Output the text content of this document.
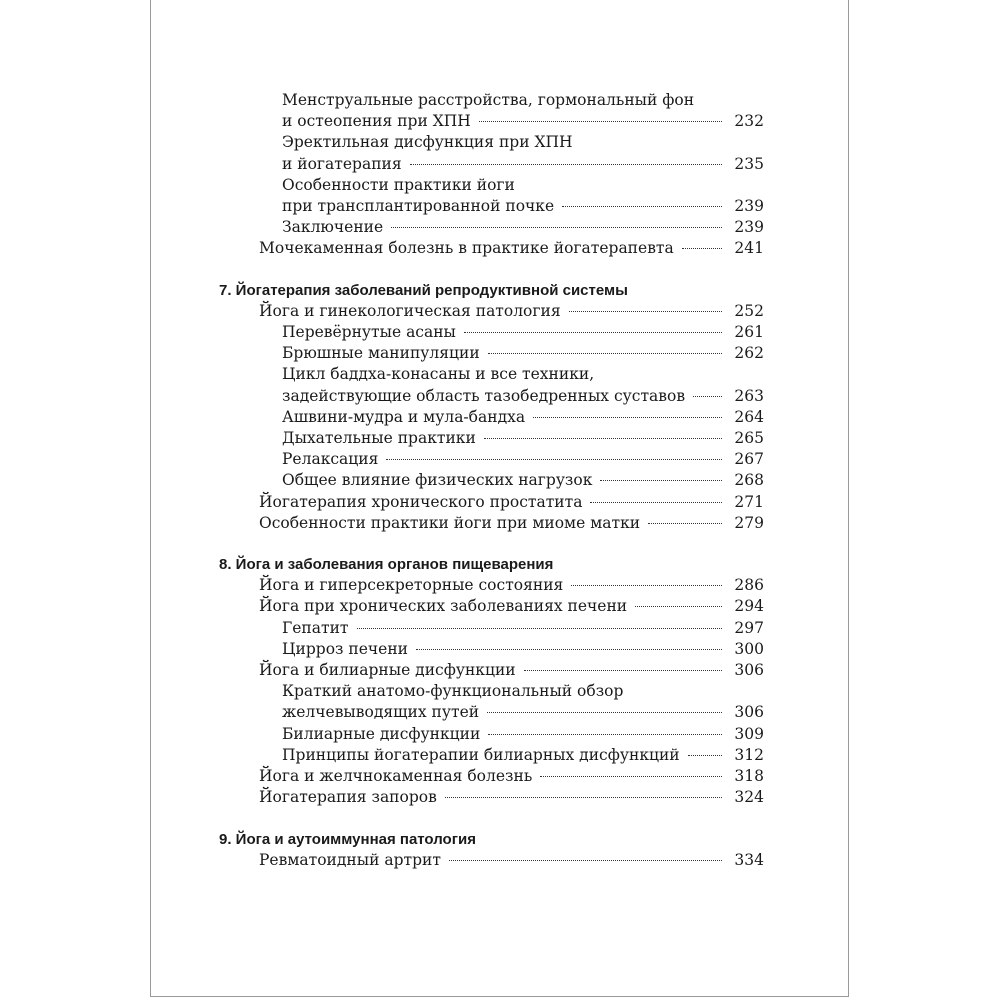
Менструальные расстройства, гормональный фон
и остеопения при ХПН	232
Эректильная дисфункция при ХПН
и йогатерапия	235
Особенности практики йоги
при трансплантированной почке	239
Заключение	239
Мочекаменная болезнь в практике йогатерапевта	241
7. Йогатерапия заболеваний репродуктивной системы
Йога и гинекологическая патология	252
Перевёрнутые асаны	261
Брюшные манипуляции	262
Цикл баддха-конасаны и все техники,
задействующие область тазобедренных суставов	263
Ашвини-мудра и мула-бандха	264
Дыхательные практики	265
Релаксация	267
Общее влияние физических нагрузок	268
Йогатерапия хронического простатита	271
Особенности практики йоги при миоме матки	279
8. Йога и заболевания органов пищеварения
Йога и гиперсекреторные состояния	286
Йога при хронических заболеваниях печени	294
Гепатит	297
Цирроз печени	300
Йога и билиарные дисфункции	306
Краткий анатомо-функциональный обзор
желчевыводящих путей	306
Билиарные дисфункции	309
Принципы йогатерапии билиарных дисфункций	312
Йога и желчнокаменная болезнь	318
Йогатерапия запоров	324
9. Йога и аутоиммунная патология
Ревматоидный артрит	334
